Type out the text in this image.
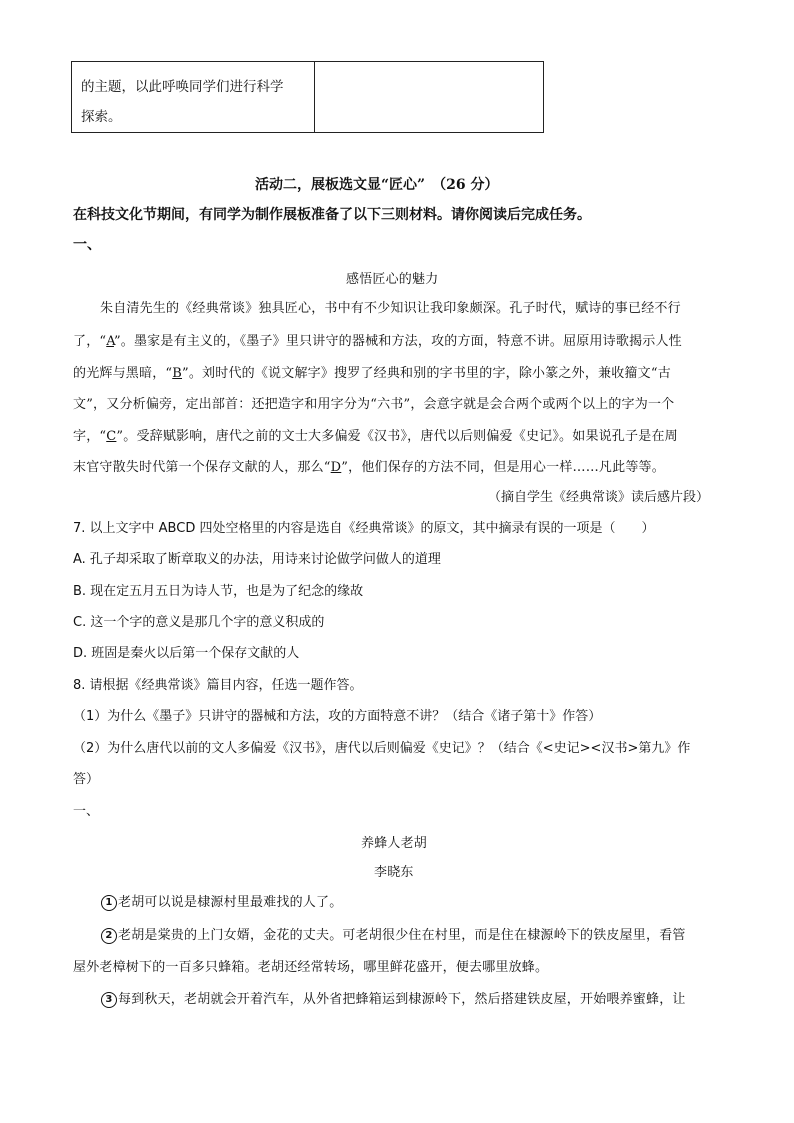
的主题，以此呼唤同学们进行科学
探索。
活动二，展板选文显“匠心”　（26 分）
在科技文化节期间，有同学为制作展板准备了以下三则材料。请你阅读后完成任务。
一、
感悟匠心的魅力
朱自清先生的《经典常谈》独具匠心，书中有不少知识让我印象颇深。孔子时代，赋诗的事已经不行
了，“A”。墨家是有主义的，《墨子》里只讲守的器械和方法，攻的方面，特意不讲。屈原用诗歌揭示人性
的光辉与黑暗，“B”。刘时代的《说文解字》搜罗了经典和别的字书里的字，除小篆之外，兼收籀文“古
文”，又分析偏旁，定出部首：还把造字和用字分为“六书”，会意字就是会合两个或两个以上的字为一个
字，“C”。受辞赋影响，唐代之前的文士大多偏爱《汉书》，唐代以后则偏爱《史记》。如果说孔子是在周
末官守散失时代第一个保存文献的人，那么“D”，他们保存的方法不同，但是用心一样……凡此等等。
（摘自学生《经典常谈》读后感片段）
7. 以上文字中 ABCD 四处空格里的内容是选自《经典常谈》的原文，其中摘录有误的一项是（　　）
A. 孔子却采取了断章取义的办法，用诗来讨论做学问做人的道理
B. 现在定五月五日为诗人节，也是为了纪念的缘故
C. 这一个字的意义是那几个字的意义积成的
D. 班固是秦火以后第一个保存文献的人
8. 请根据《经典常谈》篇目内容，任选一题作答。
（1）为什么《墨子》只讲守的器械和方法，攻的方面特意不讲？（结合《诸子第十》作答）
（2）为什么唐代以前的文人多偏爱《汉书》，唐代以后则偏爱《史记》？（结合《<史记><汉书>第九》作
答）
一、
养蜂人老胡
李晓东
1 老胡可以说是棣源村里最难找的人了。
2 老胡是棠贵的上门女婿，金花的丈夫。可老胡很少住在村里，而是住在棣源岭下的铁皮屋里，看管
屋外老樟树下的一百多只蜂箱。老胡还经常转场，哪里鲜花盛开，便去哪里放蜂。
3 每到秋天，老胡就会开着汽车，从外省把蜂箱运到棣源岭下，然后搭建铁皮屋，开始喂养蜜蜂，让
